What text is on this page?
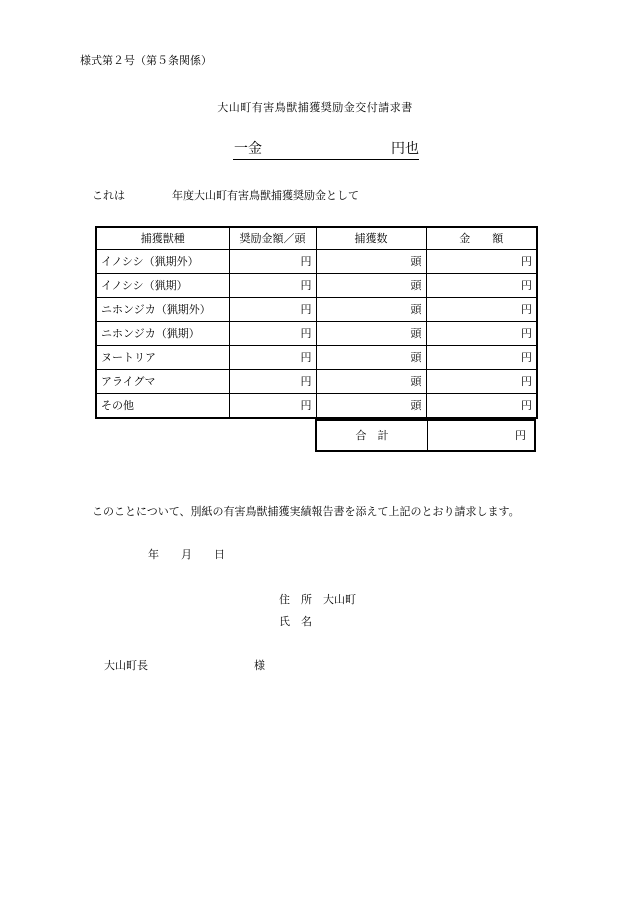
様式第２号（第５条関係）
大山町有害鳥獣捕獲奨励金交付請求書
一金	円也
これは	年度大山町有害鳥獣捕獲奨励金として
捕獲獣種	奨励金額／頭	捕獲数	金　　額
イノシシ（猟期外）	円	頭	円
イノシシ（猟期）	円	頭	円
ニホンジカ（猟期外）	円	頭	円
ニホンジカ（猟期）	円	頭	円
ヌートリア	円	頭	円
アライグマ	円	頭	円
その他	円	頭	円
合　計	円
このことについて、別紙の有害鳥獣捕獲実績報告書を添えて上記のとおり請求します。
年　　月　　日
住　所　大山町
氏　名
大山町長	様
